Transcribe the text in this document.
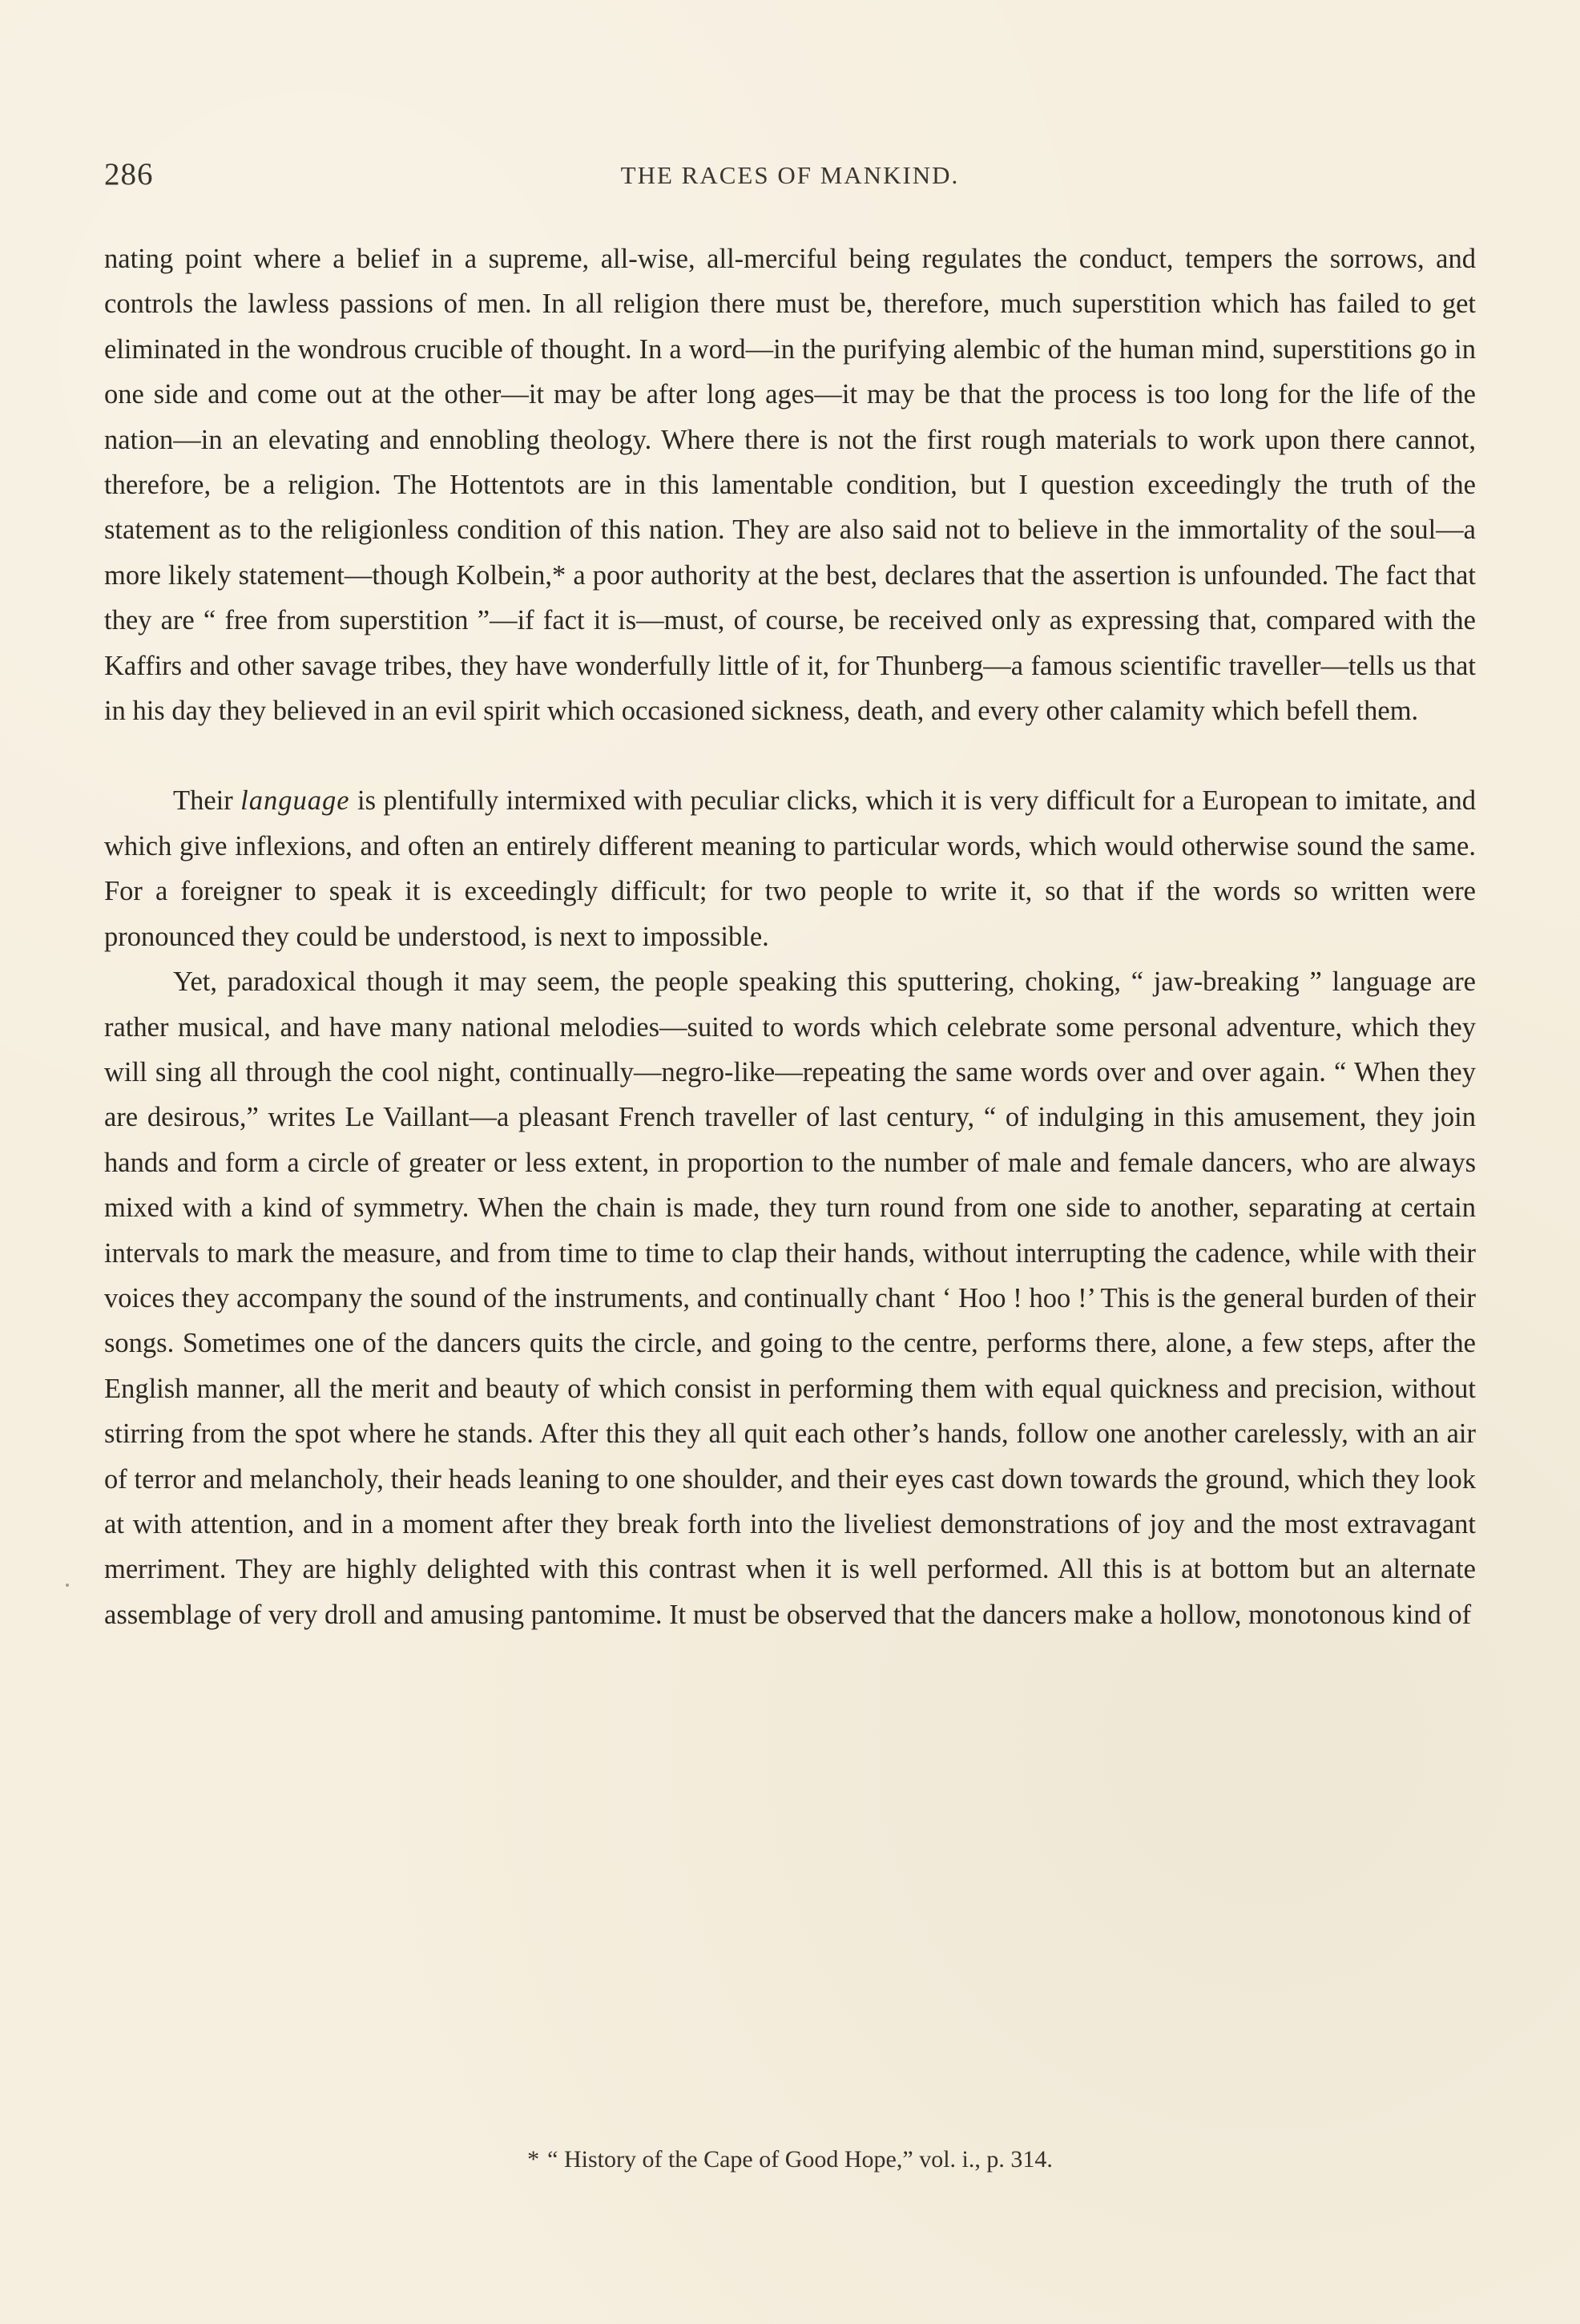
286	THE RACES OF MANKIND.

nating point where a belief in a supreme, all-wise, all-merciful being regulates the conduct, tempers the sorrows, and controls the lawless passions of men. In all religion there must be, therefore, much superstition which has failed to get eliminated in the wondrous crucible of thought. In a word—in the purifying alembic of the human mind, superstitions go in one side and come out at the other—it may be after long ages—it may be that the process is too long for the life of the nation—in an elevating and ennobling theology. Where there is not the first rough materials to work upon there cannot, therefore, be a religion. The Hottentots are in this lamentable condition, but I question exceedingly the truth of the statement as to the religionless condition of this nation. They are also said not to believe in the immortality of the soul—a more likely statement—though Kolbein,* a poor authority at the best, declares that the assertion is unfounded. The fact that they are “ free from superstition ”—if fact it is—must, of course, be received only as expressing that, compared with the Kaffirs and other savage tribes, they have wonderfully little of it, for Thunberg—a famous scientific traveller—tells us that in his day they believed in an evil spirit which occasioned sickness, death, and every other calamity which befell them.

Their language is plentifully intermixed with peculiar clicks, which it is very difficult for a European to imitate, and which give inflexions, and often an entirely different meaning to particular words, which would otherwise sound the same. For a foreigner to speak it is exceedingly difficult; for two people to write it, so that if the words so written were pronounced they could be understood, is next to impossible.

Yet, paradoxical though it may seem, the people speaking this sputtering, choking, “ jaw-breaking ” language are rather musical, and have many national melodies—suited to words which celebrate some personal adventure, which they will sing all through the cool night, continually—negro-like—repeating the same words over and over again. “ When they are desirous,” writes Le Vaillant—a pleasant French traveller of last century, “ of indulging in this amusement, they join hands and form a circle of greater or less extent, in proportion to the number of male and female dancers, who are always mixed with a kind of symmetry. When the chain is made, they turn round from one side to another, separating at certain intervals to mark the measure, and from time to time to clap their hands, without interrupting the cadence, while with their voices they accompany the sound of the instruments, and continually chant ‘ Hoo ! hoo !’ This is the general burden of their songs. Sometimes one of the dancers quits the circle, and going to the centre, performs there, alone, a few steps, after the English manner, all the merit and beauty of which consist in performing them with equal quickness and precision, without stirring from the spot where he stands. After this they all quit each other’s hands, follow one another carelessly, with an air of terror and melancholy, their heads leaning to one shoulder, and their eyes cast down towards the ground, which they look at with attention, and in a moment after they break forth into the liveliest demonstrations of joy and the most extravagant merriment. They are highly delighted with this contrast when it is well performed. All this is at bottom but an alternate assemblage of very droll and amusing pantomime. It must be observed that the dancers make a hollow, monotonous kind of

* “ History of the Cape of Good Hope,” vol. i., p. 314.
